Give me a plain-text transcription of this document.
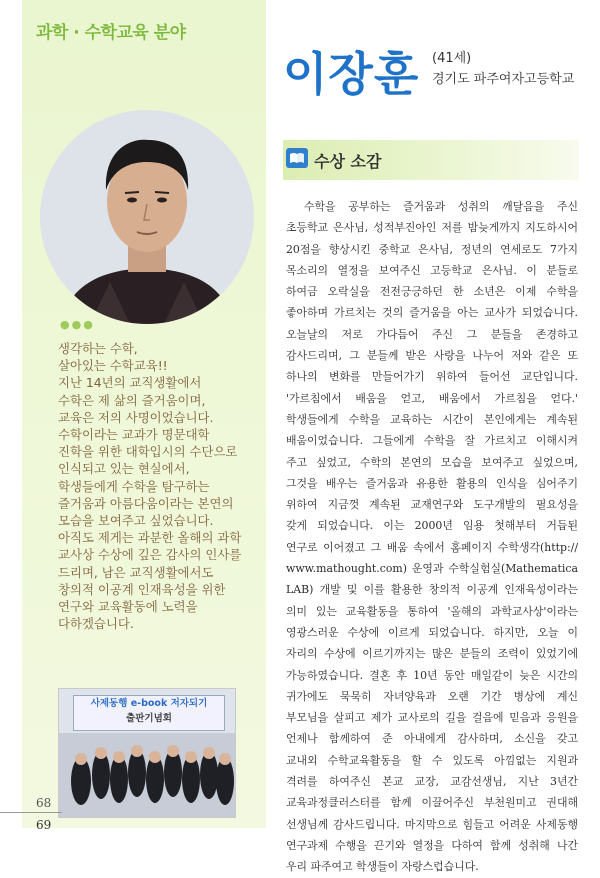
과학 · 수학교육 분야
●●●
생각하는 수학,
살아있는 수학교육!!
지난 14년의 교직생활에서
수학은 제 삶의 즐거움이며,
교육은 저의 사명이었습니다.
수학이라는 교과가 명문대학
진학을 위한 대학입시의 수단으로
인식되고 있는 현실에서,
학생들에게 수학을 탐구하는
즐거움과 아름다움이라는 본연의
모습을 보여주고 싶었습니다.
아직도 제게는 과분한 올해의 과학
교사상 수상에 깊은 감사의 인사를
드리며, 남은 교직생활에서도
창의적 이공계 인재육성을 위한
연구와 교육활동에 노력을
다하겠습니다.
사제동행 e-book 저자되기
출판기념회
68
69
이장훈 (41세)
경기도 파주여자고등학교
수상 소감
수학을 공부하는 즐거움과 성취의 깨달음을 주신
초등학교 은사님, 성적부진아인 저를 밤늦게까지 지도하시어
20점을 향상시킨 중학교 은사님, 정년의 연세로도 7가지
목소리의 열정을 보여주신 고등학교 은사님. 이 분들로
하여금 오락실을 전전긍긍하던 한 소년은 이제 수학을
좋아하며 가르치는 것의 즐거움을 아는 교사가 되었습니다.
오늘날의 저로 가다듬어 주신 그 분들을 존경하고
감사드리며, 그 분들께 받은 사랑을 나누어 저와 같은 또
하나의 변화를 만들어가기 위하여 들어선 교단입니다.
'가르침에서 배움을 얻고, 배움에서 가르침을 얻다.'
학생들에게 수학을 교육하는 시간이 본인에게는 계속된
배움이었습니다. 그들에게 수학을 잘 가르치고 이해시켜
주고 싶었고, 수학의 본연의 모습을 보여주고 싶었으며,
그것을 배우는 즐거움과 유용한 활용의 인식을 심어주기
위하여 지금껏 계속된 교재연구와 도구개발의 필요성을
갖게 되었습니다. 이는 2000년 임용 첫해부터 거듭된
연구로 이어졌고 그 배움 속에서 홈페이지 수학생각(http://
www.mathought.com) 운영과 수학실험실(Mathematica
LAB) 개발 및 이를 활용한 창의적 이공계 인재육성이라는
의미 있는 교육활동을 통하여 '올해의 과학교사상'이라는
영광스러운 수상에 이르게 되었습니다. 하지만, 오늘 이
자리의 수상에 이르기까지는 많은 분들의 조력이 있었기에
가능하였습니다. 결혼 후 10년 동안 매일같이 늦은 시간의
귀가에도 묵묵히 자녀양육과 오랜 기간 병상에 계신
부모님을 살피고 제가 교사로의 길을 걸음에 믿음과 응원을
언제나 함께하여 준 아내에게 감사하며, 소신을 갖고
교내외 수학교육활동을 할 수 있도록 아낌없는 지원과
격려를 하여주신 본교 교장, 교감선생님, 지난 3년간
교육과정클러스터를 함께 이끌어주신 부천원미고 권대해
선생님께 감사드립니다. 마지막으로 힘들고 어려운 사제동행
연구과제 수행을 끈기와 열정을 다하여 함께 성취해 나간
우리 파주여고 학생들이 자랑스럽습니다.
